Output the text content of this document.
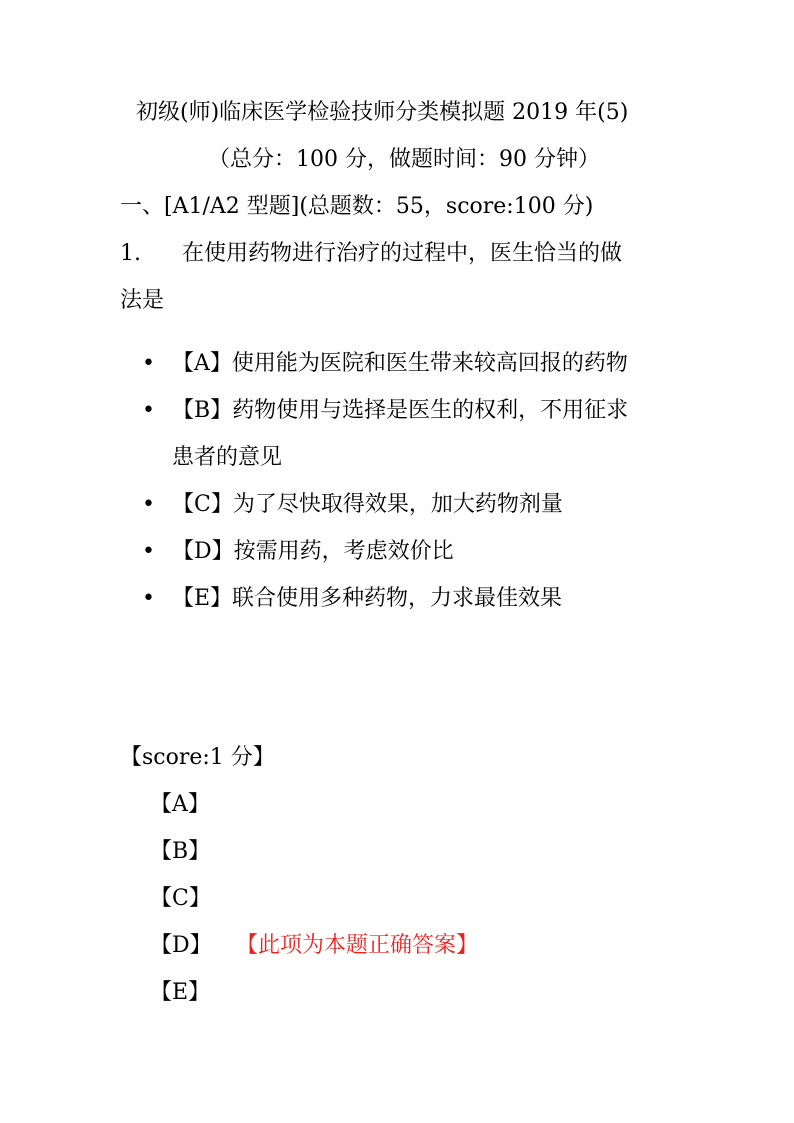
初级(师)临床医学检验技师分类模拟题 2019 年(5)
（总分：100 分，做题时间：90 分钟）
一、[A1/A2 型题](总题数：55，score:100 分)
1. 在使用药物进行治疗的过程中，医生恰当的做
法是
• 【A】使用能为医院和医生带来较高回报的药物
• 【B】药物使用与选择是医生的权利，不用征求
患者的意见
• 【C】为了尽快取得效果，加大药物剂量
• 【D】按需用药，考虑效价比
• 【E】联合使用多种药物，力求最佳效果
【score:1 分】
【A】
【B】
【C】
【D】 【此项为本题正确答案】
【E】
